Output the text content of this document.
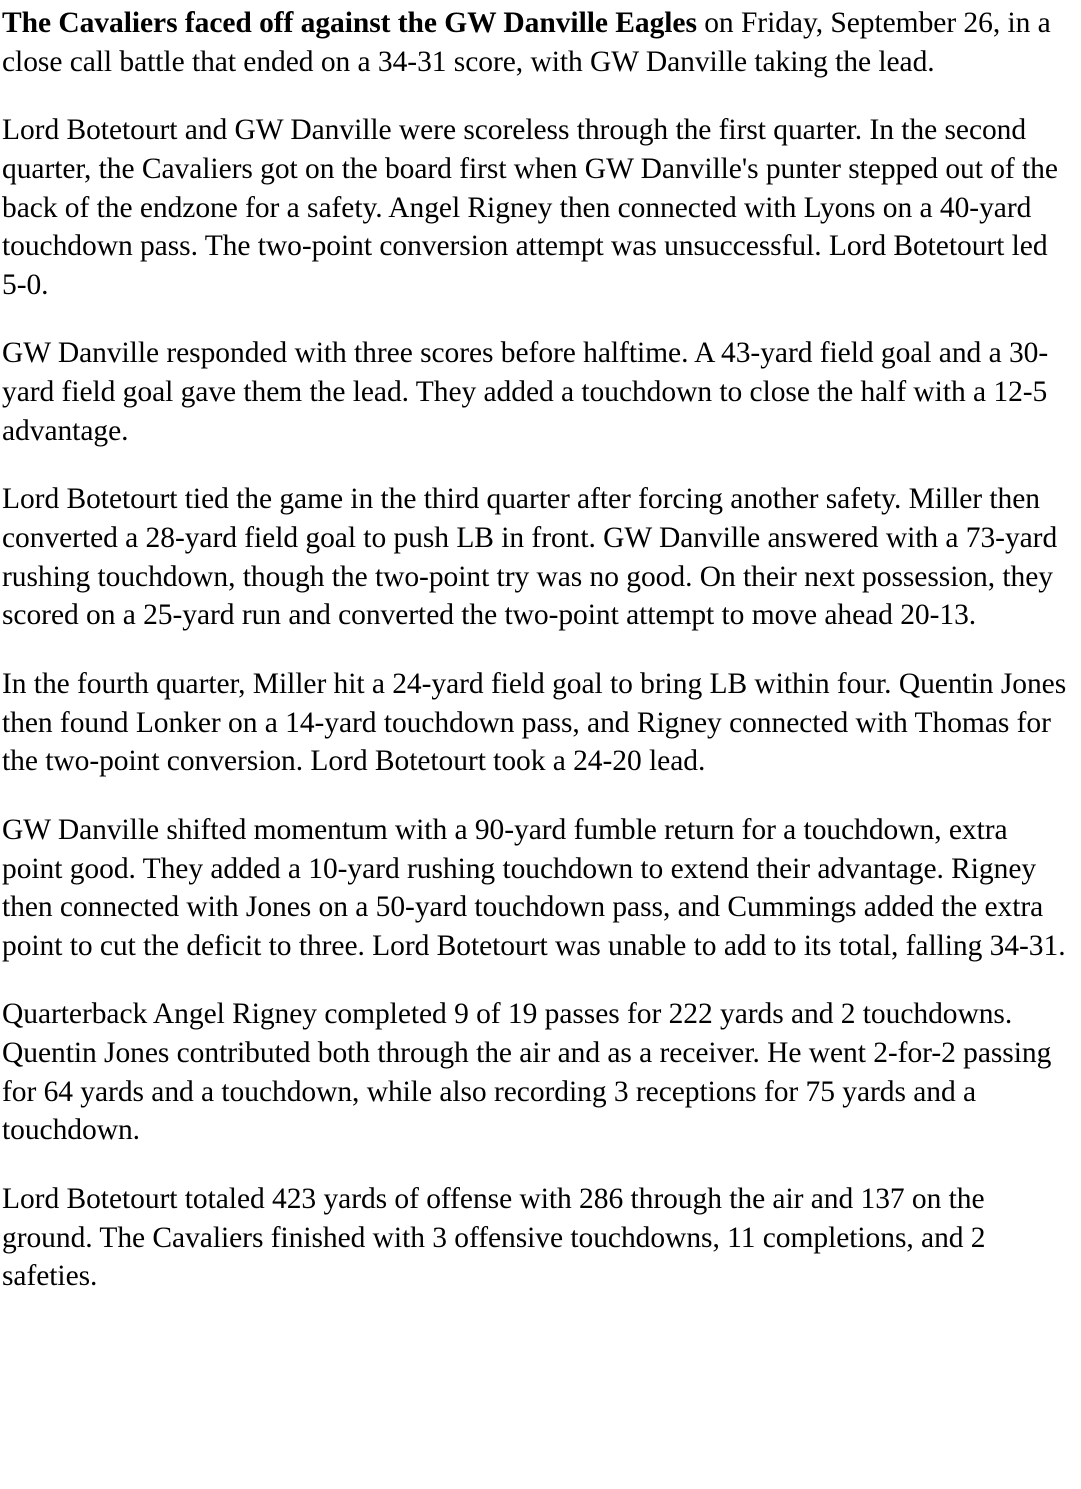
The Cavaliers faced off against the GW Danville Eagles on Friday, September 26, in a close call battle that ended on a 34-31 score, with GW Danville taking the lead.

Lord Botetourt and GW Danville were scoreless through the first quarter. In the second quarter, the Cavaliers got on the board first when GW Danville's punter stepped out of the back of the endzone for a safety. Angel Rigney then connected with Lyons on a 40-yard touchdown pass. The two-point conversion attempt was unsuccessful. Lord Botetourt led 5-0.

GW Danville responded with three scores before halftime. A 43-yard field goal and a 30-yard field goal gave them the lead. They added a touchdown to close the half with a 12-5 advantage.

Lord Botetourt tied the game in the third quarter after forcing another safety. Miller then converted a 28-yard field goal to push LB in front. GW Danville answered with a 73-yard rushing touchdown, though the two-point try was no good. On their next possession, they scored on a 25-yard run and converted the two-point attempt to move ahead 20-13.

In the fourth quarter, Miller hit a 24-yard field goal to bring LB within four. Quentin Jones then found Lonker on a 14-yard touchdown pass, and Rigney connected with Thomas for the two-point conversion. Lord Botetourt took a 24-20 lead.

GW Danville shifted momentum with a 90-yard fumble return for a touchdown, extra point good. They added a 10-yard rushing touchdown to extend their advantage. Rigney then connected with Jones on a 50-yard touchdown pass, and Cummings added the extra point to cut the deficit to three. Lord Botetourt was unable to add to its total, falling 34-31.

Quarterback Angel Rigney completed 9 of 19 passes for 222 yards and 2 touchdowns. Quentin Jones contributed both through the air and as a receiver. He went 2-for-2 passing for 64 yards and a touchdown, while also recording 3 receptions for 75 yards and a touchdown.

Lord Botetourt totaled 423 yards of offense with 286 through the air and 137 on the ground. The Cavaliers finished with 3 offensive touchdowns, 11 completions, and 2 safeties.
